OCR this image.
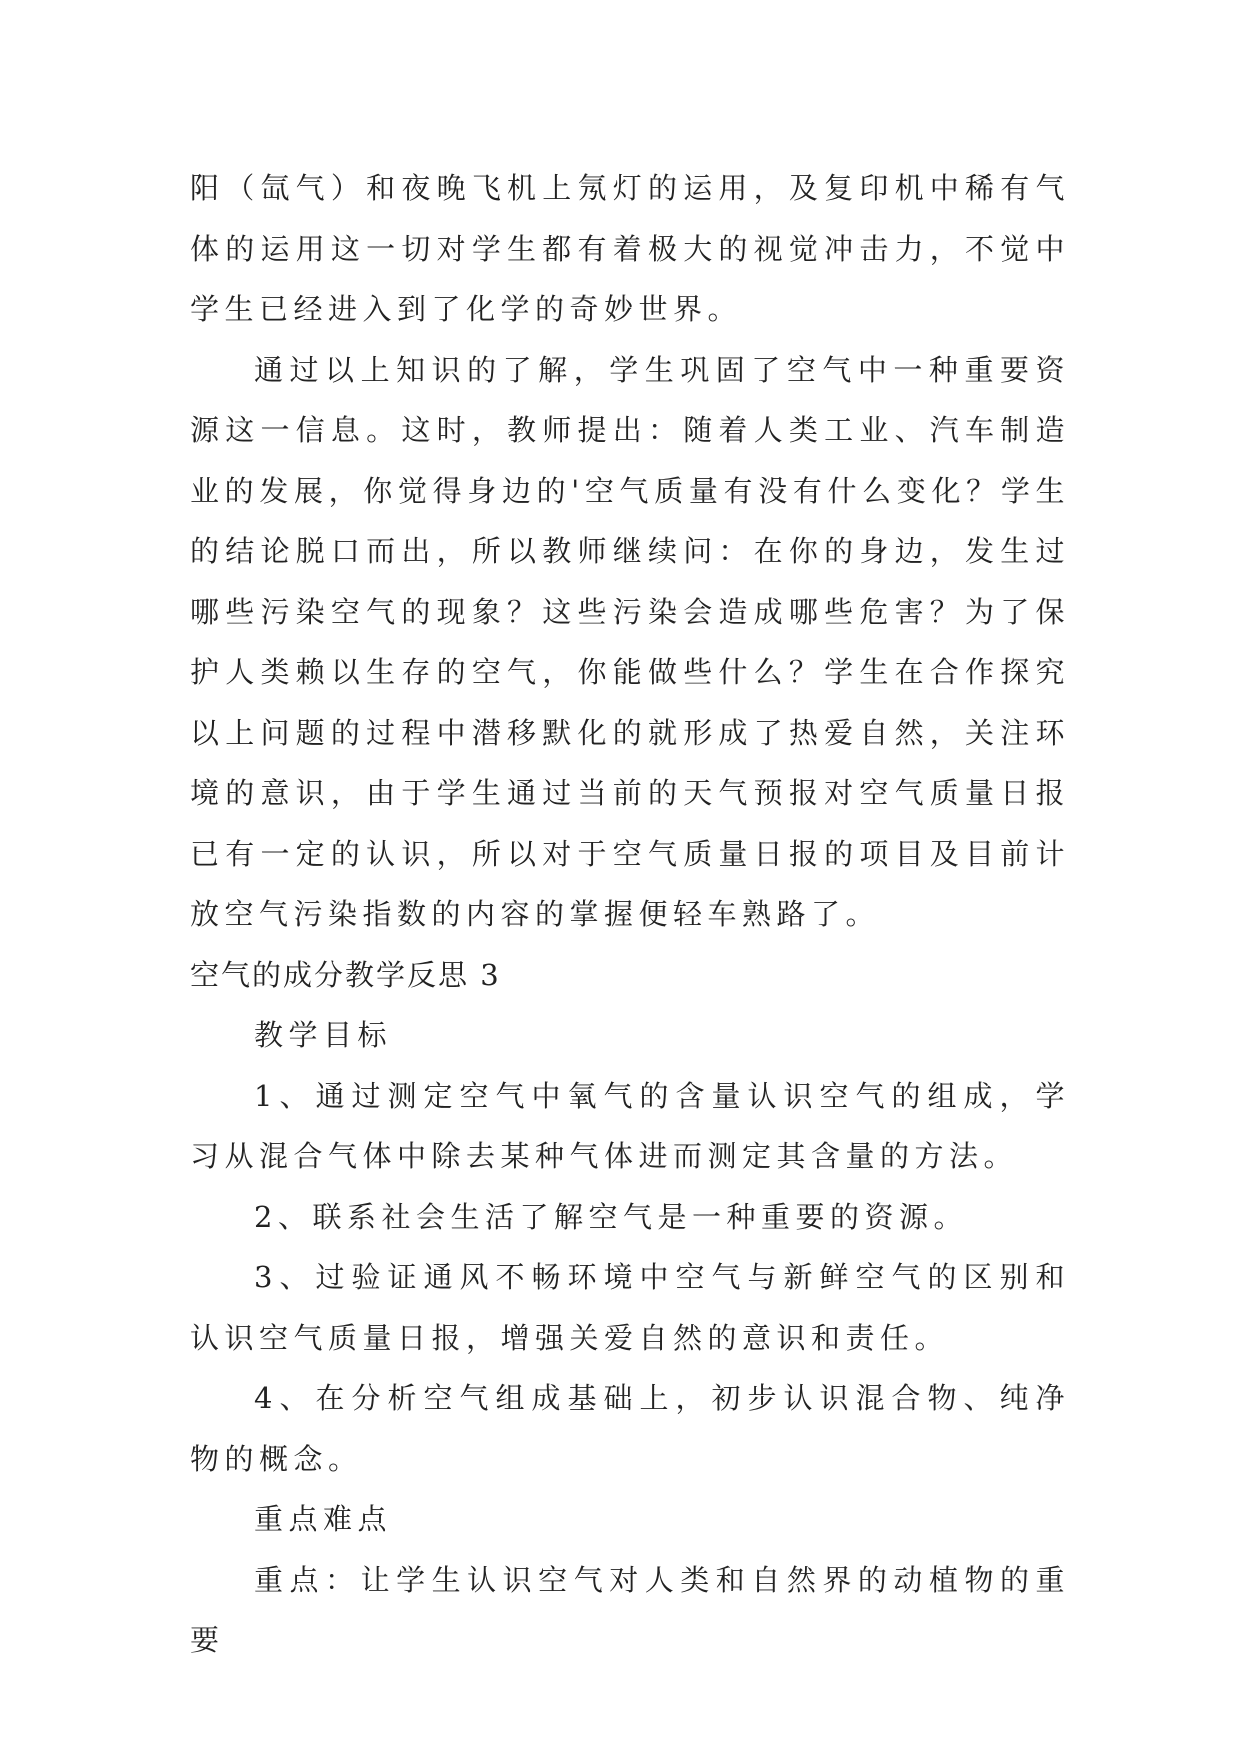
阳（氙气）和夜晚飞机上氖灯的运用，及复印机中稀有气体的运用这一切对学生都有着极大的视觉冲击力，不觉中学生已经进入到了化学的奇妙世界。

通过以上知识的了解，学生巩固了空气中一种重要资源这一信息。这时，教师提出：随着人类工业、汽车制造业的发展，你觉得身边的'空气质量有没有什么变化？学生的结论脱口而出，所以教师继续问：在你的身边，发生过哪些污染空气的现象？这些污染会造成哪些危害？为了保护人类赖以生存的空气，你能做些什么？学生在合作探究以上问题的过程中潜移默化的就形成了热爱自然，关注环境的意识，由于学生通过当前的天气预报对空气质量日报已有一定的认识，所以对于空气质量日报的项目及目前计放空气污染指数的内容的掌握便轻车熟路了。

空气的成分教学反思 3

教学目标

1、通过测定空气中氧气的含量认识空气的组成，学习从混合气体中除去某种气体进而测定其含量的方法。

2、联系社会生活了解空气是一种重要的资源。

3、过验证通风不畅环境中空气与新鲜空气的区别和认识空气质量日报，增强关爱自然的意识和责任。

4、在分析空气组成基础上，初步认识混合物、纯净物的概念。

重点难点

重点：让学生认识空气对人类和自然界的动植物的重要
